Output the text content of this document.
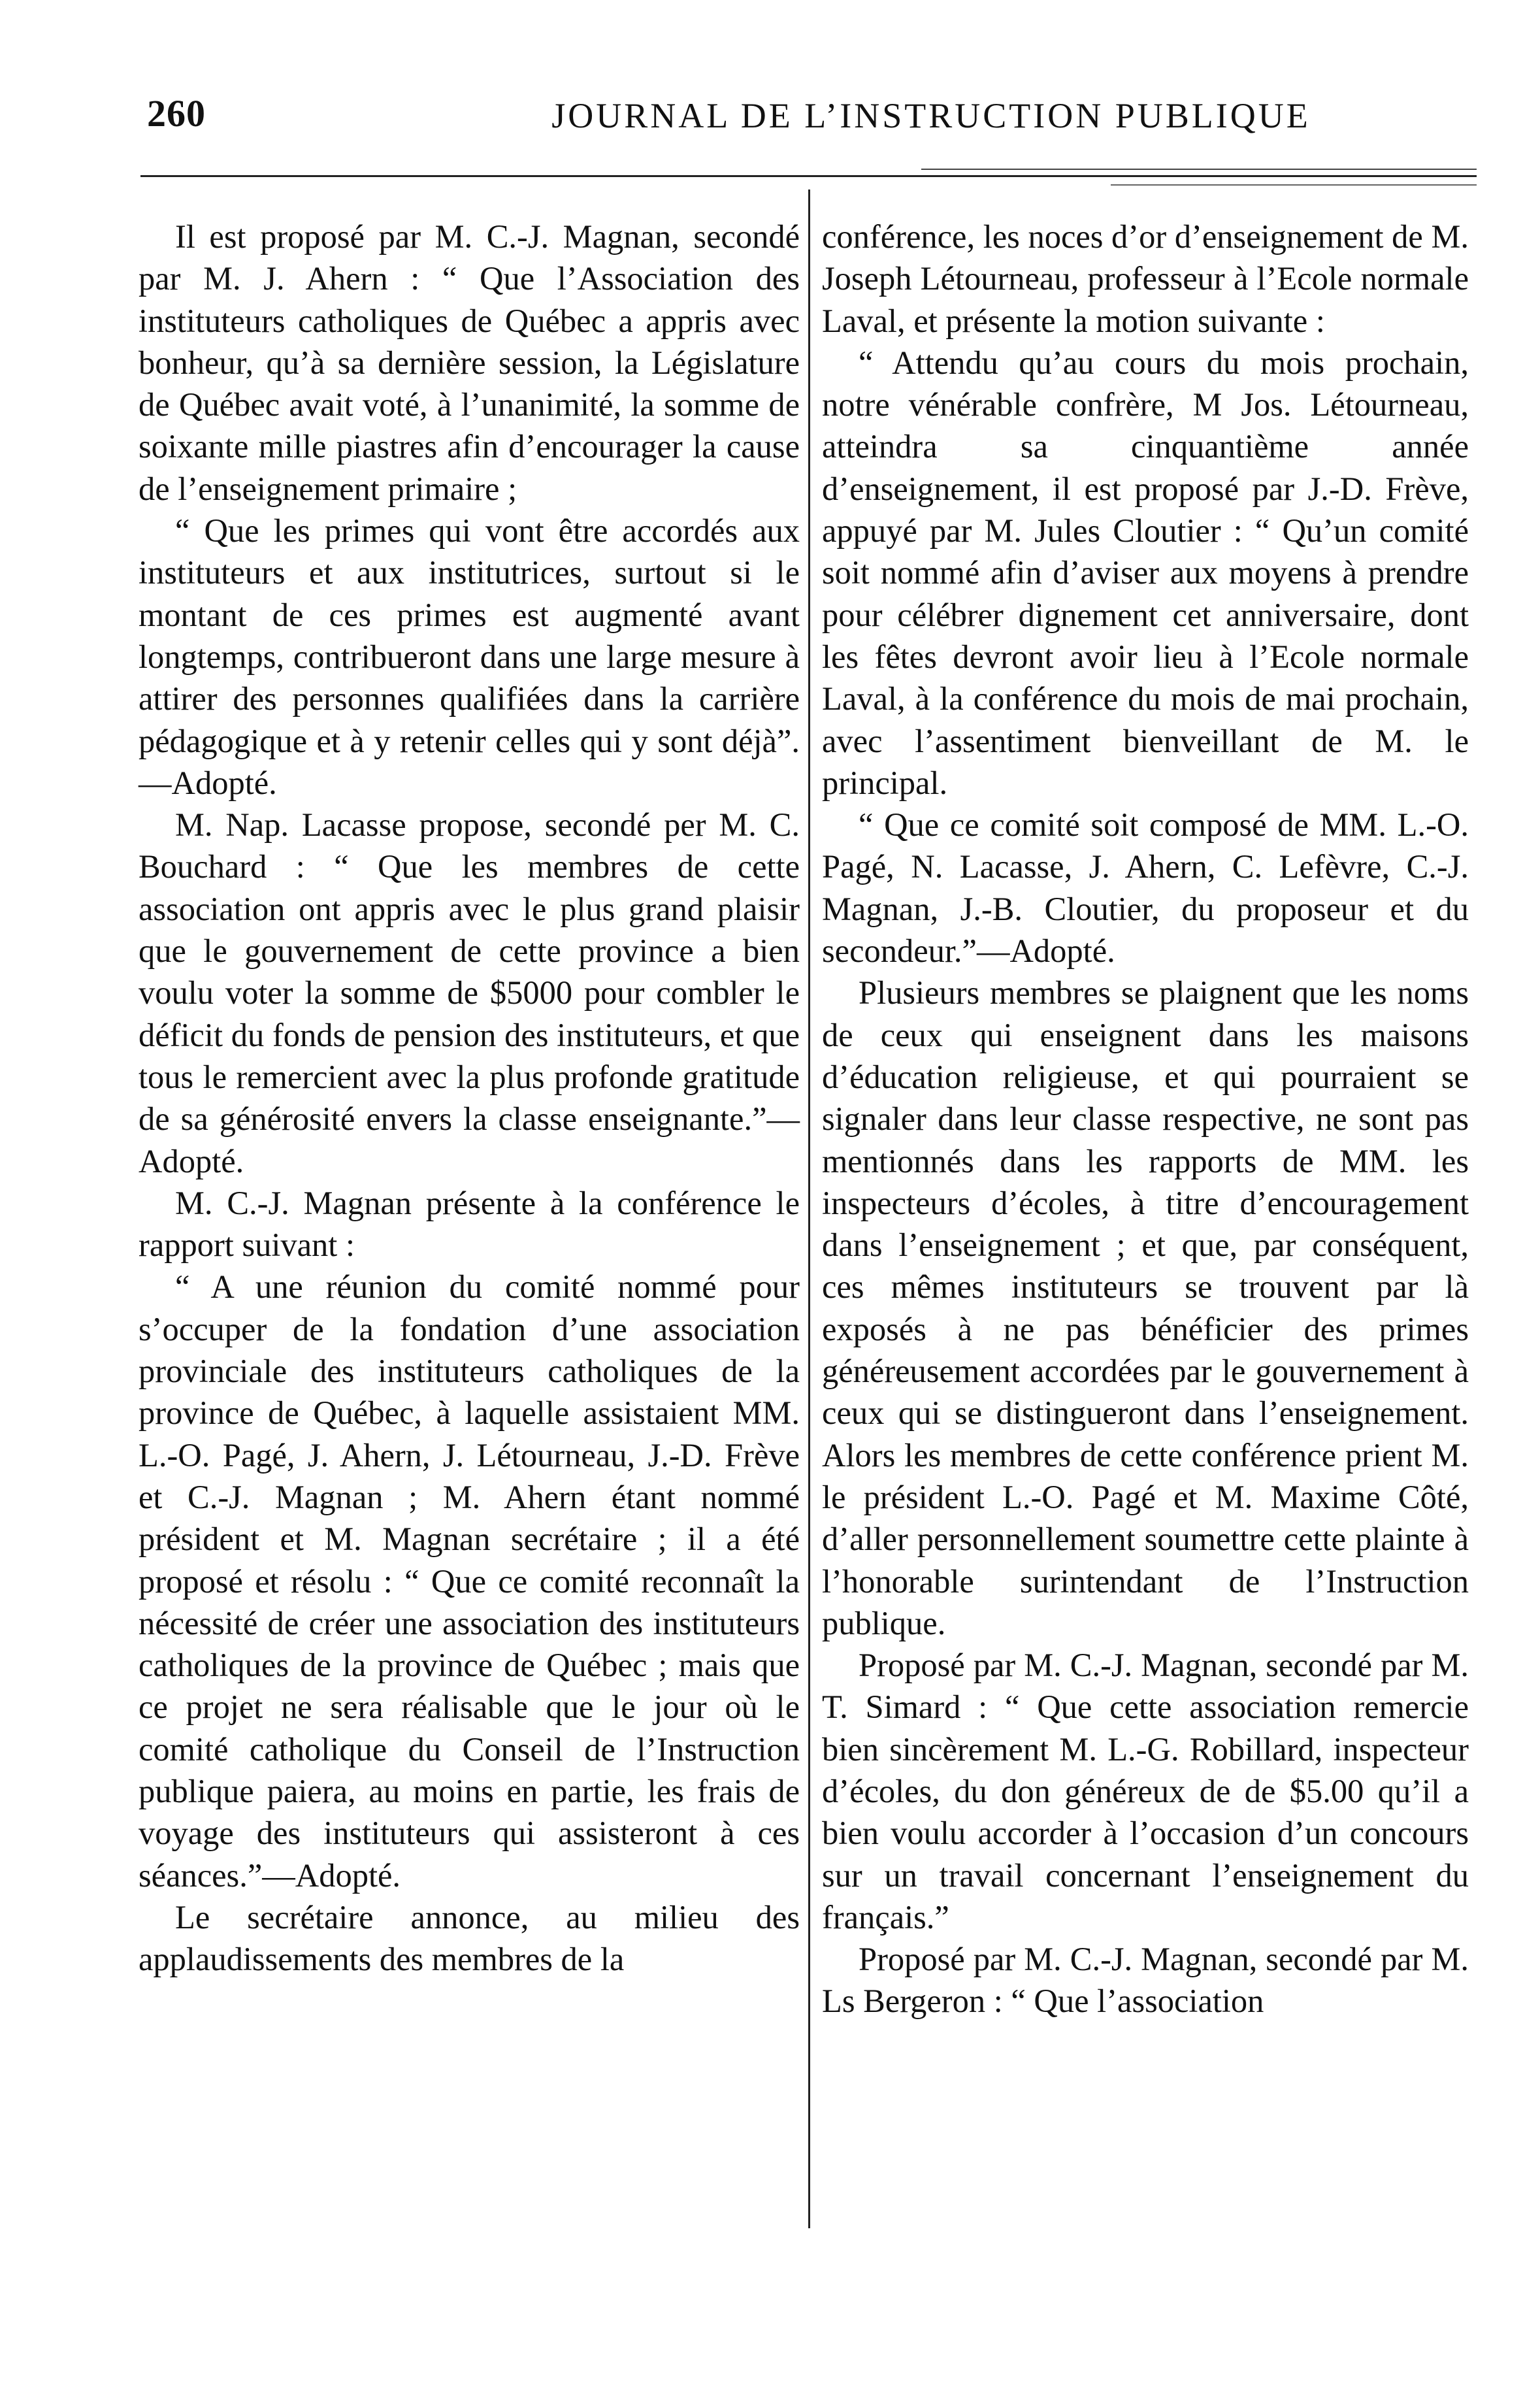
260	JOURNAL DE L’INSTRUCTION PUBLIQUE

Il est proposé par M. C.-J. Magnan, secondé par M. J. Ahern : “ Que l’Association des instituteurs catholiques de Québec a appris avec bonheur, qu’à sa dernière session, la Législature de Québec avait voté, à l’unanimité, la somme de soixante mille piastres afin d’encourager la cause de l’enseignement primaire ;

“ Que les primes qui vont être accordés aux instituteurs et aux institutrices, surtout si le montant de ces primes est augmenté avant longtemps, contribueront dans une large mesure à attirer des personnes qualifiées dans la carrière pédagogique et à y retenir celles qui y sont déjà”.—Adopté.

M. Nap. Lacasse propose, secondé per M. C. Bouchard : “ Que les membres de cette association ont appris avec le plus grand plaisir que le gouvernement de cette province a bien voulu voter la somme de $5000 pour combler le déficit du fonds de pension des instituteurs, et que tous le remercient avec la plus profonde gratitude de sa générosité envers la classe enseignante.”—Adopté.

M. C.-J. Magnan présente à la conférence le rapport suivant :

“ A une réunion du comité nommé pour s’occuper de la fondation d’une association provinciale des instituteurs catholiques de la province de Québec, à laquelle assistaient MM. L.-O. Pagé, J. Ahern, J. Létourneau, J.-D. Frève et C.-J. Magnan ; M. Ahern étant nommé président et M. Magnan secrétaire ; il a été proposé et résolu : “ Que ce comité reconnaît la nécessité de créer une association des instituteurs catholiques de la province de Québec ; mais que ce projet ne sera réalisable que le jour où le comité catholique du Conseil de l’Instruction publique paiera, au moins en partie, les frais de voyage des instituteurs qui assisteront à ces séances.”—Adopté.

Le secrétaire annonce, au milieu des applaudissements des membres de la

conférence, les noces d’or d’enseignement de M. Joseph Létourneau, professeur à l’Ecole normale Laval, et présente la motion suivante :

“ Attendu qu’au cours du mois prochain, notre vénérable confrère, M Jos. Létourneau, atteindra sa cinquantième année d’enseignement, il est proposé par J.-D. Frève, appuyé par M. Jules Cloutier : “ Qu’un comité soit nommé afin d’aviser aux moyens à prendre pour célébrer dignement cet anniversaire, dont les fêtes devront avoir lieu à l’Ecole normale Laval, à la conférence du mois de mai prochain, avec l’assentiment bienveillant de M. le principal.

“ Que ce comité soit composé de MM. L.-O. Pagé, N. Lacasse, J. Ahern, C. Lefèvre, C.-J. Magnan, J.-B. Cloutier, du proposeur et du secondeur.”—Adopté.

Plusieurs membres se plaignent que les noms de ceux qui enseignent dans les maisons d’éducation religieuse, et qui pourraient se signaler dans leur classe respective, ne sont pas mentionnés dans les rapports de MM. les inspecteurs d’écoles, à titre d’encouragement dans l’enseignement ; et que, par conséquent, ces mêmes instituteurs se trouvent par là exposés à ne pas bénéficier des primes généreusement accordées par le gouvernement à ceux qui se distingueront dans l’enseignement. Alors les membres de cette conférence prient M. le président L.-O. Pagé et M. Maxime Côté, d’aller personnellement soumettre cette plainte à l’honorable surintendant de l’Instruction publique.

Proposé par M. C.-J. Magnan, secondé par M. T. Simard : “ Que cette association remercie bien sincèrement M. L.-G. Robillard, inspecteur d’écoles, du don généreux de de $5.00 qu’il a bien voulu accorder à l’occasion d’un concours sur un travail concernant l’enseignement du français.”

Proposé par M. C.-J. Magnan, secondé par M. Ls Bergeron : “ Que l’association
